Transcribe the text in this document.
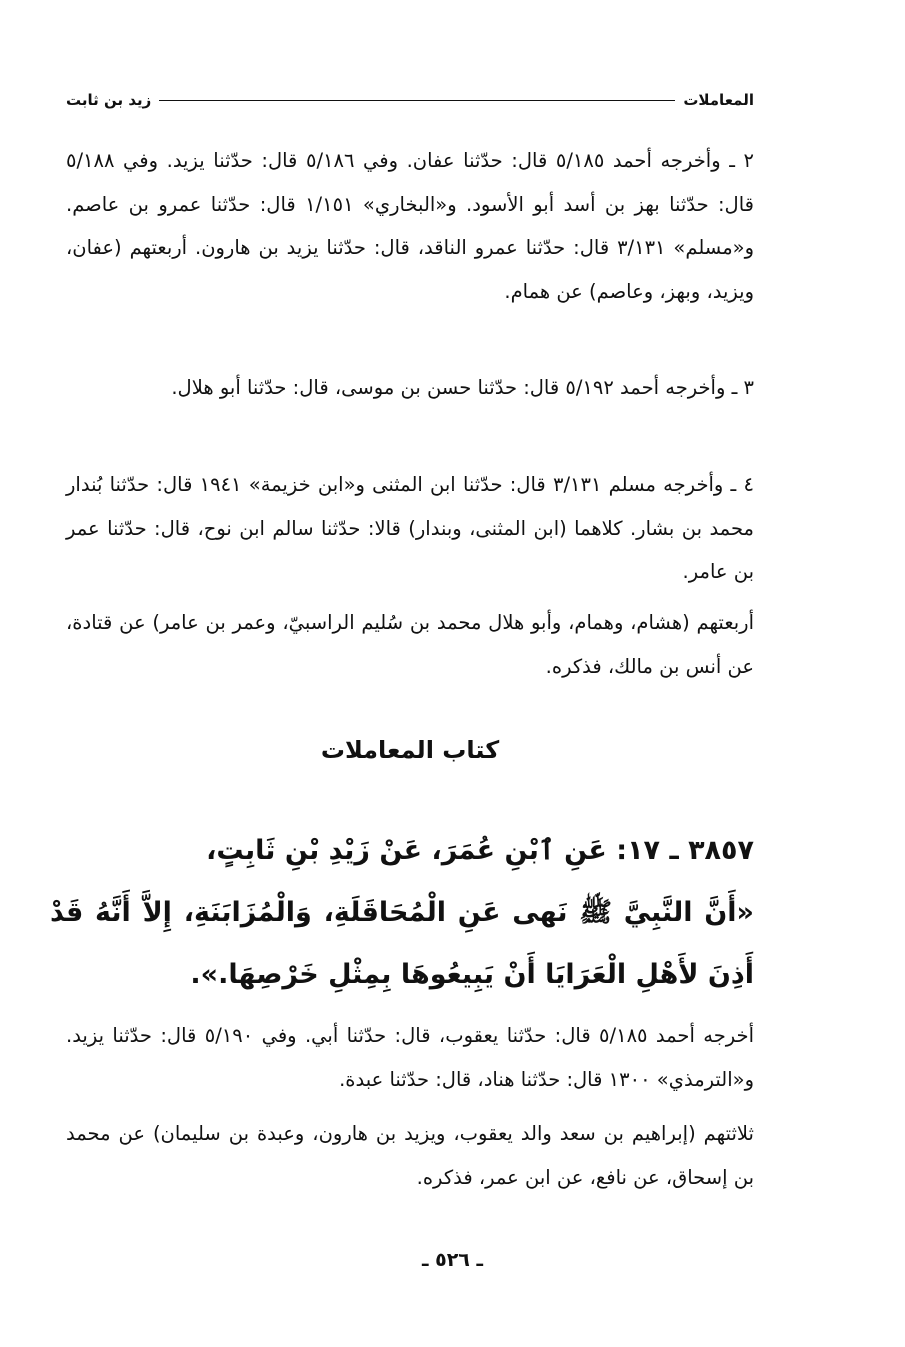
المعاملات
زيد بن ثابت

٢ ـ وأخرجه أحمد ٥/١٨٥ قال: حدّثنا عفان. وفي ٥/١٨٦ قال: حدّثنا يزيد. وفي ٥/١٨٨ قال: حدّثنا بهز بن أسد أبو الأسود. و«البخاري» ١/١٥١ قال: حدّثنا عمرو بن عاصم. و«مسلم» ٣/١٣١ قال: حدّثنا عمرو الناقد، قال: حدّثنا يزيد بن هارون. أربعتهم (عفان، ويزيد، وبهز، وعاصم) عن همام.

٣ ـ وأخرجه أحمد ٥/١٩٢ قال: حدّثنا حسن بن موسى، قال: حدّثنا أبو هلال.

٤ ـ وأخرجه مسلم ٣/١٣١ قال: حدّثنا ابن المثنى و«ابن خزيمة» ١٩٤١ قال: حدّثنا بُندار محمد بن بشار. كلاهما (ابن المثنى، وبندار) قالا: حدّثنا سالم ابن نوح، قال: حدّثنا عمر بن عامر.

أربعتهم (هشام، وهمام، وأبو هلال محمد بن سُليم الراسبيّ، وعمر بن عامر) عن قتادة، عن أنس بن مالك، فذكره.

كتاب المعاملات

٣٨٥٧ ـ ١٧: عَنِ ٱبْنِ عُمَرَ، عَنْ زَيْدِ بْنِ ثَابِتٍ،

«أَنَّ النَّبِيَّ ﷺ نَهى عَنِ الْمُحَاقَلَةِ، وَالْمُزَابَنَةِ، إِلاَّ أَنَّهُ قَدْ أَذِنَ لأَهْلِ الْعَرَايَا أَنْ يَبِيعُوهَا بِمِثْلِ خَرْصِهَا.».

أخرجه أحمد ٥/١٨٥ قال: حدّثنا يعقوب، قال: حدّثنا أبي. وفي ٥/١٩٠ قال: حدّثنا يزيد. و«الترمذي» ١٣٠٠ قال: حدّثنا هناد، قال: حدّثنا عبدة.

ثلاثتهم (إبراهيم بن سعد والد يعقوب، ويزيد بن هارون، وعبدة بن سليمان) عن محمد بن إسحاق، عن نافع، عن ابن عمر، فذكره.

ـ ٥٢٦ ـ
